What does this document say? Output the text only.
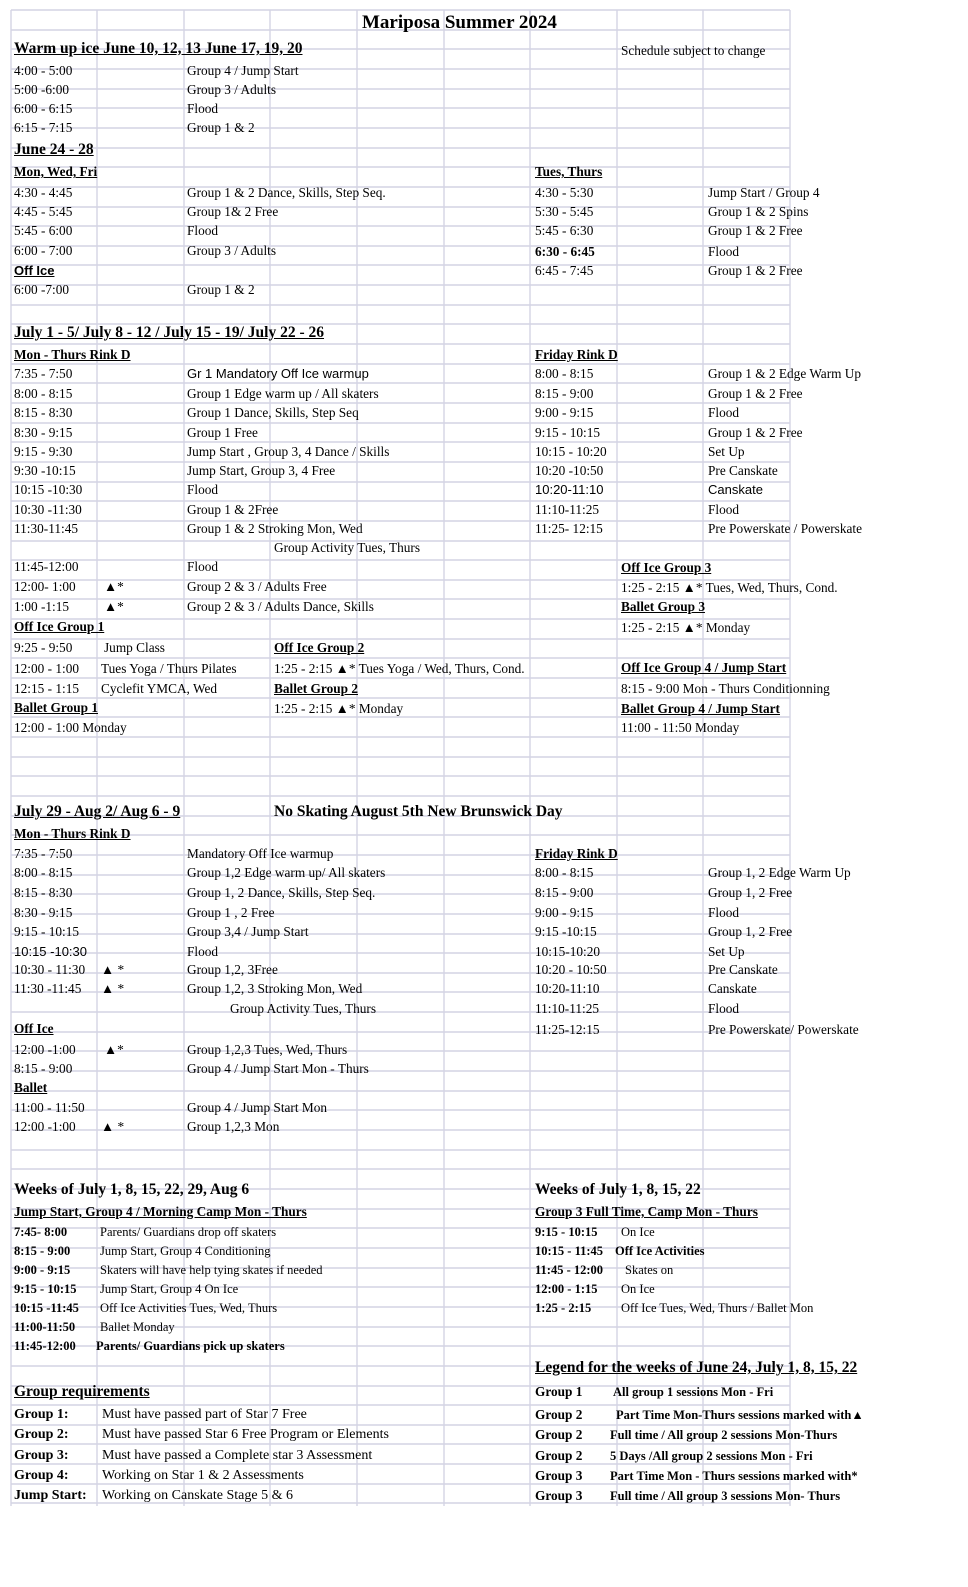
Mariposa Summer 2024
Warm up ice June 10, 12, 13 June 17, 19, 20	Schedule subject to change
4:00 - 5:00	Group 4 / Jump Start
5:00 -6:00	Group 3 / Adults
6:00 - 6:15	Flood
6:15 - 7:15	Group 1 & 2
June 24 - 28
Mon, Wed, Fri	Tues, Thurs
4:30 - 4:45	Group 1 & 2 Dance, Skills, Step Seq.
4:45 - 5:45	Group 1& 2 Free
5:45 - 6:00	Flood
6:00 - 7:00	Group 3 / Adults
Off Ice
6:00 -7:00	Group 1 & 2
4:30 - 5:30	Jump Start / Group 4
5:30 - 5:45	Group 1 & 2 Spins
5:45 - 6:30	Group 1 & 2 Free
6:30 - 6:45	Flood
6:45 - 7:45	Group 1 & 2 Free
July 1 - 5/ July 8 - 12 / July 15 - 19/ July 22 - 26
Mon - Thurs Rink D	Friday Rink D
7:35 - 7:50	Gr 1 Mandatory Off Ice warmup
8:00 - 8:15	Group 1 Edge warm up / All skaters
8:15 - 8:30	Group 1 Dance, Skills, Step Seq
8:30 - 9:15	Group 1 Free
9:15 - 9:30	Jump Start , Group 3, 4 Dance / Skills
9:30 -10:15	Jump Start, Group 3, 4 Free
10:15 -10:30	Flood
10:30 -11:30	Group 1 & 2Free
11:30-11:45	Group 1 & 2 Stroking Mon, Wed
Group Activity Tues, Thurs
11:45-12:00	Flood
12:00- 1:00 ▲*	Group 2 & 3 / Adults Free
1:00 -1:15	▲*	Group 2 & 3 / Adults Dance, Skills
8:00 - 8:15	Group 1 & 2 Edge Warm Up
8:15 - 9:00	Group 1 & 2 Free
9:00 - 9:15	Flood
9:15 - 10:15	Group 1 & 2 Free
10:15 - 10:20	Set Up
10:20 -10:50	Pre Canskate
10:20-11:10	Canskate
11:10-11:25	Flood
11:25- 12:15	Pre Powerskate / Powerskate
Off Ice Group 3
1:25 - 2:15 ▲* Tues, Wed, Thurs, Cond.
Ballet Group 3
1:25 - 2:15 ▲* Monday
Off Ice Group 1
9:25 - 9:50 Jump Class
12:00 - 1:00 Tues Yoga / Thurs Pilates
12:15 - 1:15 Cyclefit YMCA, Wed
Off Ice Group 2
1:25 - 2:15 ▲* Tues Yoga / Wed, Thurs, Cond.
Ballet Group 2
1:25 - 2:15 ▲* Monday
Off Ice Group 4 / Jump Start
8:15 - 9:00 Mon - Thurs Conditionning
Ballet Group 4 / Jump Start
11:00 - 11:50 Monday
Ballet Group 1
12:00 - 1:00 Monday
July 29 - Aug 2/ Aug 6 - 9	No Skating August 5th New Brunswick Day
Mon - Thurs Rink D
Friday Rink D
7:35 - 7:50	Mandatory Off Ice warmup
8:00 - 8:15	Group 1,2 Edge warm up/ All skaters
8:15 - 8:30	Group 1, 2 Dance, Skills, Step Seq.
8:30 - 9:15	Group 1 , 2 Free
9:15 - 10:15	Group 3,4 / Jump Start
10:15 -10:30	Flood
10:30 - 11:30 ▲ *	Group 1,2, 3Free
11:30 -11:45 ▲ *	Group 1,2, 3 Stroking Mon, Wed
Group Activity Tues, Thurs
8:00 - 8:15	Group 1, 2 Edge Warm Up
8:15 - 9:00	Group 1, 2 Free
9:00 - 9:15	Flood
9:15 -10:15	Group 1, 2 Free
10:15-10:20	Set Up
10:20 - 10:50	Pre Canskate
10:20-11:10	Canskate
11:10-11:25	Flood
11:25-12:15	Pre Powerskate/ Powerskate
Off Ice
12:00 -1:00 ▲*	Group 1,2,3 Tues, Wed, Thurs
8:15 - 9:00	Group 4 / Jump Start Mon - Thurs
Ballet
11:00 - 11:50	Group 4 / Jump Start Mon
12:00 -1:00 ▲ *	Group 1,2,3 Mon
Weeks of July 1, 8, 15, 22, 29, Aug 6
Jump Start, Group 4 / Morning Camp Mon - Thurs
7:45- 8:00	Parents/ Guardians drop off skaters
8:15 - 9:00 Jump Start, Group 4 Conditioning
9:00 - 9:15 Skaters will have help tying skates if needed
9:15 - 10:15 Jump Start, Group 4 On Ice
10:15 -11:45 Off Ice Activities Tues, Wed, Thurs
11:00-11:50 Ballet Monday
11:45-12:00 Parents/ Guardians pick up skaters
Weeks of July 1, 8, 15, 22
Group 3 Full Time, Camp Mon - Thurs
9:15 - 10:15 On Ice
10:15 - 11:45 Off Ice Activities
11:45 - 12:00 Skates on
12:00 - 1:15 On Ice
1:25 - 2:15 Off Ice Tues, Wed, Thurs / Ballet Mon
Legend for the weeks of June 24, July 1, 8, 15, 22
Group 1 All group 1 sessions Mon - Fri
Group 2	Part Time Mon-Thurs sessions marked with▲
Group 2 Full time / All group 2 sessions Mon-Thurs
Group 2 5 Days /All group 2 sessions Mon - Fri
Group 3 Part Time Mon - Thurs sessions marked with*
Group 3 Full time / All group 3 sessions Mon- Thurs
Group requirements
Group 1: Must have passed part of Star 7 Free
Group 2: Must have passed Star 6 Free Program or Elements
Group 3: Must have passed a Complete star 3 Assessment
Group 4: Working on Star 1 & 2 Assessments
Jump Start: Working on Canskate Stage 5 & 6
